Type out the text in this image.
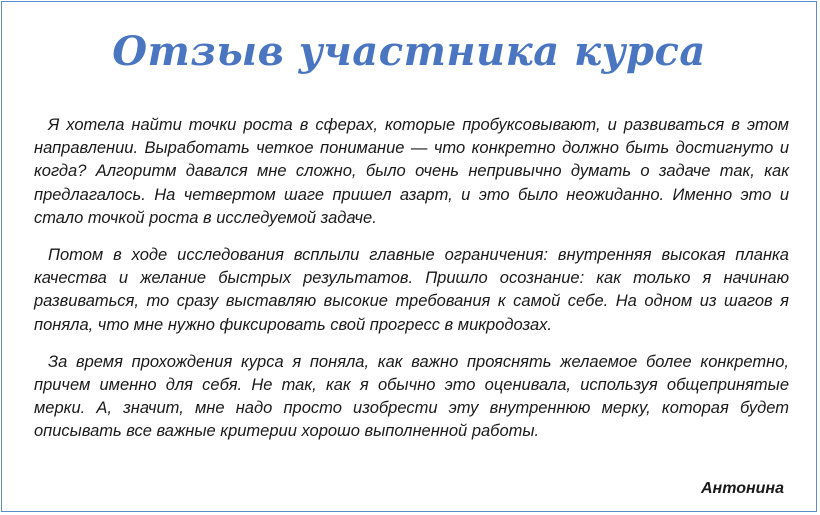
Отзыв участника курса

Я хотела найти точки роста в сферах, которые пробуксовывают, и развиваться в этом направлении. Выработать четкое понимание — что конкретно должно быть достигнуто и когда? Алгоритм давался мне сложно, было очень непривычно думать о задаче так, как предлагалось. На четвертом шаге пришел азарт, и это было неожиданно. Именно это и стало точкой роста в исследуемой задаче.

Потом в ходе исследования всплыли главные ограничения: внутренняя высокая планка качества и желание быстрых результатов. Пришло осознание: как только я начинаю развиваться, то сразу выставляю высокие требования к самой себе. На одном из шагов я поняла, что мне нужно фиксировать свой прогресс в микродозах.

За время прохождения курса я поняла, как важно прояснять желаемое более конкретно, причем именно для себя. Не так, как я обычно это оценивала, используя общепринятые мерки. А, значит, мне надо просто изобрести эту внутреннюю мерку, которая будет описывать все важные критерии хорошо выполненной работы.

Антонина
